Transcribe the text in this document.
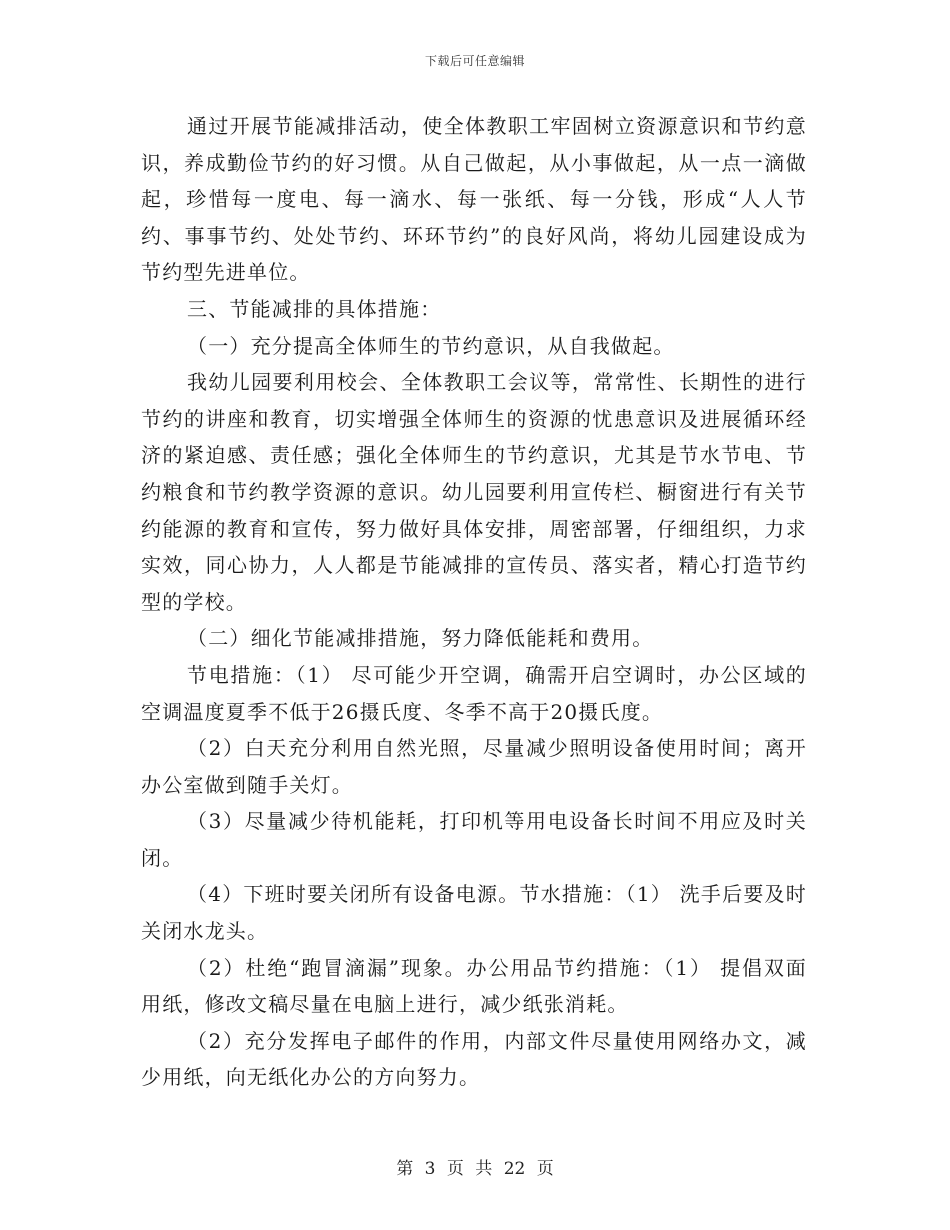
下载后可任意编辑

通过开展节能减排活动，使全体教职工牢固树立资源意识和节约意识，养成勤俭节约的好习惯。从自己做起，从小事做起，从一点一滴做起，珍惜每一度电、每一滴水、每一张纸、每一分钱，形成“人人节约、事事节约、处处节约、环环节约”的良好风尚，将幼儿园建设成为节约型先进单位。

三、节能减排的具体措施：

（一）充分提高全体师生的节约意识，从自我做起。

我幼儿园要利用校会、全体教职工会议等，常常性、长期性的进行节约的讲座和教育，切实增强全体师生的资源的忧患意识及进展循环经济的紧迫感、责任感；强化全体师生的节约意识，尤其是节水节电、节约粮食和节约教学资源的意识。幼儿园要利用宣传栏、橱窗进行有关节约能源的教育和宣传，努力做好具体安排，周密部署，仔细组织，力求实效，同心协力，人人都是节能减排的宣传员、落实者，精心打造节约型的学校。

（二）细化节能减排措施，努力降低能耗和费用。

节电措施：（1） 尽可能少开空调，确需开启空调时，办公区域的空调温度夏季不低于26摄氏度、冬季不高于20摄氏度。

（2）白天充分利用自然光照，尽量减少照明设备使用时间；离开办公室做到随手关灯。

（3）尽量减少待机能耗，打印机等用电设备长时间不用应及时关闭。

（4）下班时要关闭所有设备电源。节水措施：（1） 洗手后要及时关闭水龙头。

（2）杜绝“跑冒滴漏”现象。办公用品节约措施：（1） 提倡双面用纸，修改文稿尽量在电脑上进行，减少纸张消耗。

（2）充分发挥电子邮件的作用，内部文件尽量使用网络办文，减少用纸，向无纸化办公的方向努力。

第 3 页 共 22 页
